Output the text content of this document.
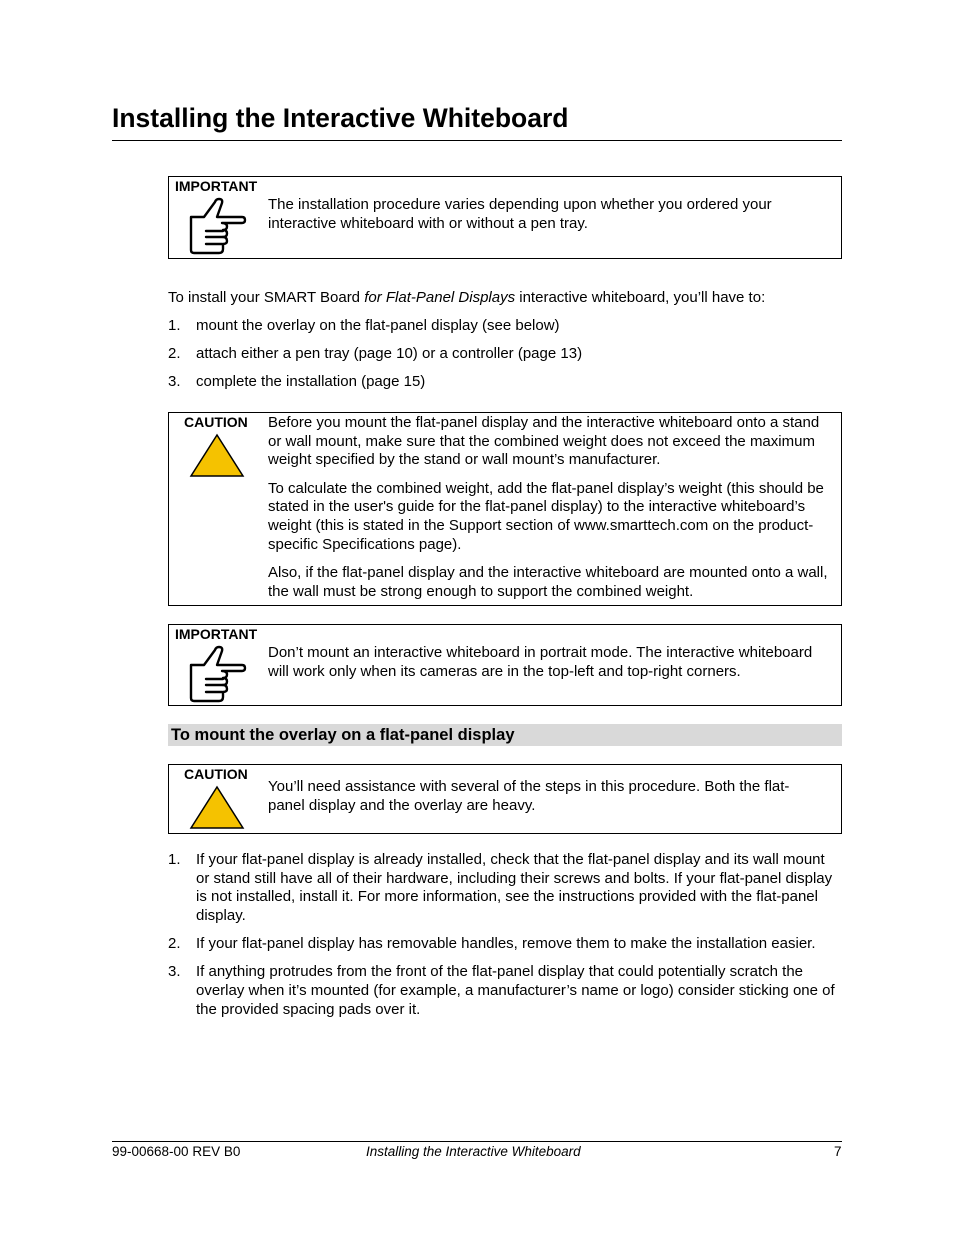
Installing the Interactive Whiteboard
IMPORTANT

The installation procedure varies depending upon whether you ordered your interactive whiteboard with or without a pen tray.

To install your SMART Board for Flat-Panel Displays interactive whiteboard, you’ll have to:
1. mount the overlay on the flat-panel display (see below)
2. attach either a pen tray (page 10) or a controller (page 13)
3. complete the installation (page 15)
CAUTION Before you mount the flat-panel display and the interactive whiteboard onto a stand or wall mount, make sure that the combined weight does not exceed the maximum weight specified by the stand or wall mount’s manufacturer.

To calculate the combined weight, add the flat-panel display’s weight (this should be stated in the user's guide for the flat-panel display) to the interactive whiteboard’s weight (this is stated in the Support section of www.smarttech.com on the product-specific Specifications page).

Also, if the flat-panel display and the interactive whiteboard are mounted onto a wall, the wall must be strong enough to support the combined weight.

IMPORTANT

Don’t mount an interactive whiteboard in portrait mode. The interactive whiteboard will work only when its cameras are in the top-left and top-right corners.

To mount the overlay on a flat-panel display
CAUTION

You’ll need assistance with several of the steps in this procedure. Both the flat-panel display and the overlay are heavy.

1. If your flat-panel display is already installed, check that the flat-panel display and its wall mount or stand still have all of their hardware, including their screws and bolts. If your flat-panel display is not installed, install it. For more information, see the instructions provided with the flat-panel display.
2. If your flat-panel display has removable handles, remove them to make the installation easier.
3. If anything protrudes from the front of the flat-panel display that could potentially scratch the overlay when it’s mounted (for example, a manufacturer’s name or logo) consider sticking one of the provided spacing pads over it.
99-00668-00 REV B0	Installing the Interactive Whiteboard	7
